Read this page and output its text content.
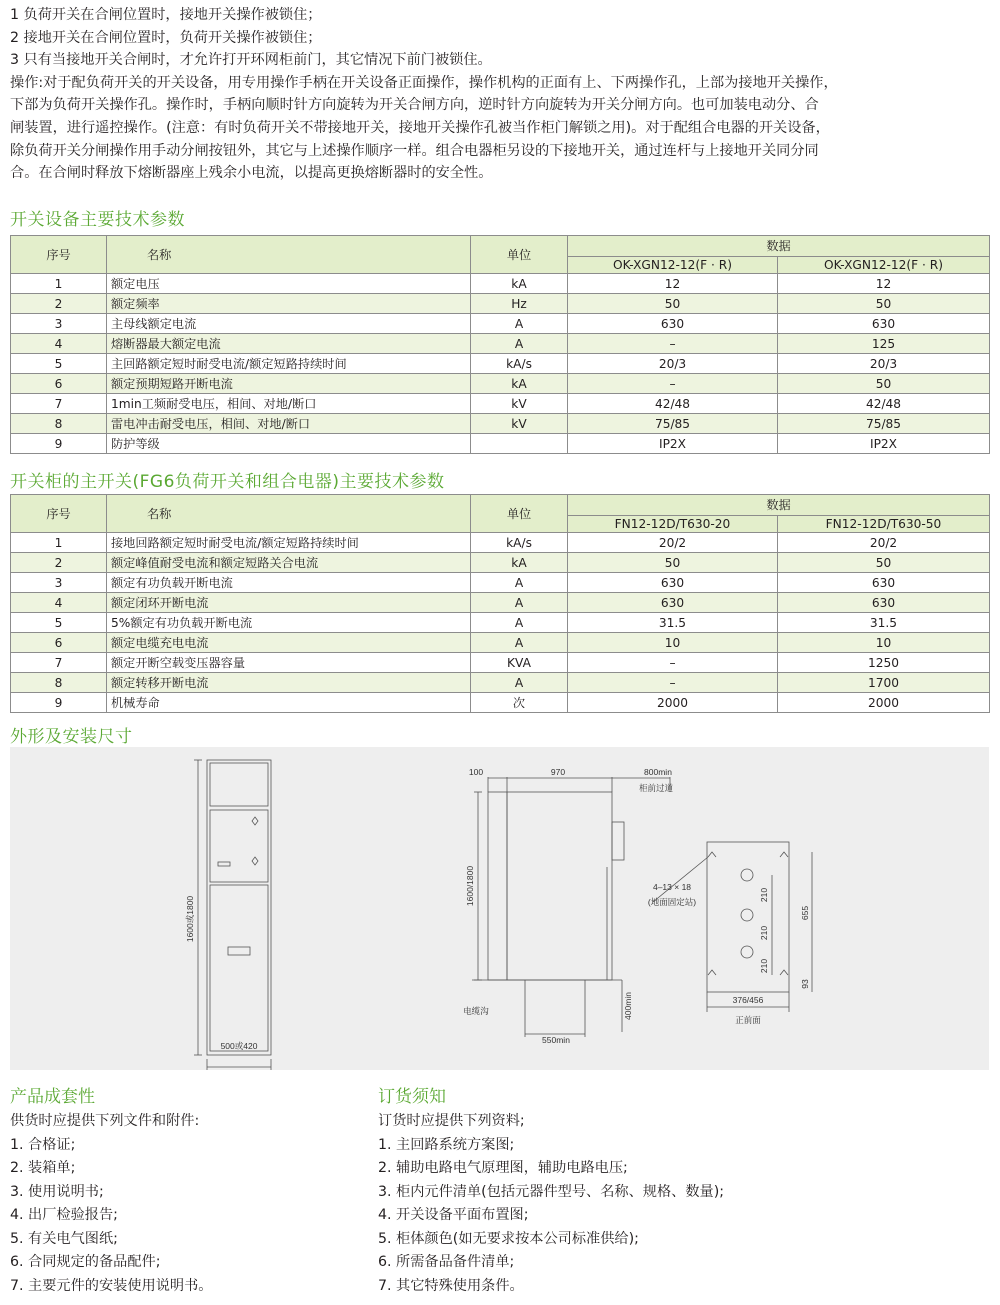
1 负荷开关在合闸位置时，接地开关操作被锁住；

2 接地开关在合闸位置时，负荷开关操作被锁住；

3 只有当接地开关合闸时，才允许打开环网柜前门，其它情况下前门被锁住。

操作:对于配负荷开关的开关设备，用专用操作手柄在开关设备正面操作，操作机构的正面有上、下两操作孔，上部为接地开关操作，

下部为负荷开关操作孔。操作时，手柄向顺时针方向旋转为开关合闸方向，逆时针方向旋转为开关分闸方向。也可加装电动分、合

闸装置，进行遥控操作。(注意：有时负荷开关不带接地开关，接地开关操作孔被当作柜门解锁之用)。对于配组合电器的开关设备，

除负荷开关分闸操作用手动分闸按钮外，其它与上述操作顺序一样。组合电器柜另设的下接地开关，通过连杆与上接地开关同分同

合。在合闸时释放下熔断器座上残余小电流，以提高更换熔断器时的安全性。

开关设备主要技术参数
序号	名称	单位	数据	
			OK-XGN12-12(F · R)	OK-XGN12-12(F · R)
1	额定电压	kA	12	12
2	额定频率	Hz	50	50
3	主母线额定电流	A	630	630
4	熔断器最大额定电流	A	–	125
5	主回路额定短时耐受电流/额定短路持续时间	kA/s	20/3	20/3
6	额定预期短路开断电流	kA	–	50
7	1min工频耐受电压，相间、对地/断口	kV	42/48	42/48
8	雷电冲击耐受电压，相间、对地/断口	kV	75/85	75/85
9	防护等级		IP2X	IP2X
开关柜的主开关(FG6负荷开关和组合电器)主要技术参数
序号	名称	单位	数据	
			FN12-12D/T630-20	FN12-12D/T630-50
1	接地回路额定短时耐受电流/额定短路持续时间	kA/s	20/2	20/2
2	额定峰值耐受电流和额定短路关合电流	kA	50	50
3	额定有功负载开断电流	A	630	630
4	额定闭环开断电流	A	630	630
5	5%额定有功负载开断电流	A	31.5	31.5
6	额定电缆充电电流	A	10	10
7	额定开断空载变压器容量	KVA	–	1250
8	额定转移开断电流	A	–	1700
9	机械寿命	次	2000	2000
外形及安装尺寸
1600或1800
500或420
100	970	800min
柜前过道
1600/1800
电缆沟	400min
550min
4–13 × 18
(地面固定站)	210
210
210
655
93
376/456
正前面
产品成套性

供货时应提供下列文件和附件:

1. 合格证;

2. 装箱单;

3. 使用说明书;

4. 出厂检验报告;

5. 有关电气图纸;

6. 合同规定的备品配件;

7. 主要元件的安装使用说明书。

订货须知

订货时应提供下列资料;

1. 主回路系统方案图;

2. 辅助电路电气原理图，辅助电路电压;

3. 柜内元件清单(包括元器件型号、名称、规格、数量);

4. 开关设备平面布置图;

5. 柜体颜色(如无要求按本公司标准供给);

6. 所需备品备件清单;

7. 其它特殊使用条件。
